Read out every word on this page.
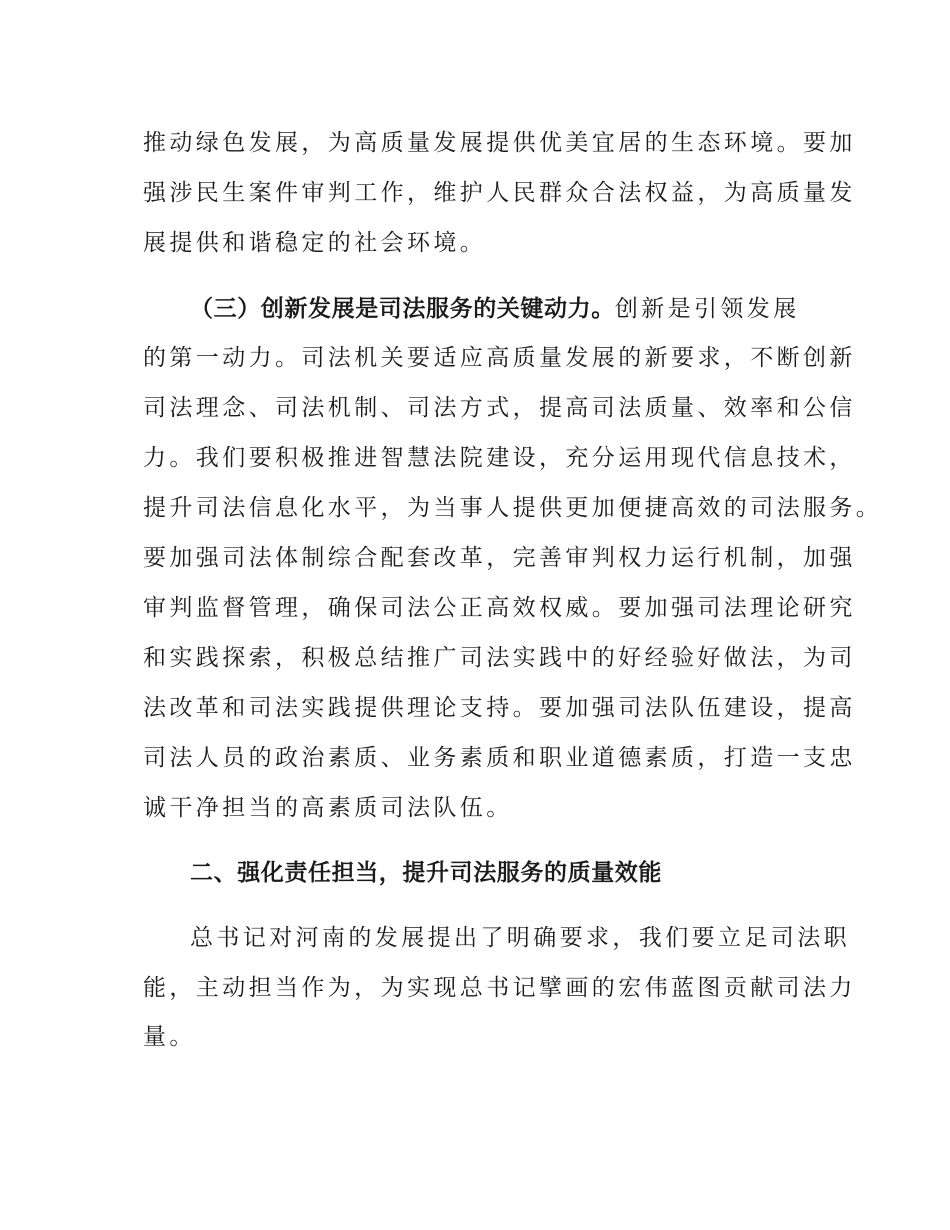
推动绿色发展，为高质量发展提供优美宜居的生态环境。要加
强涉民生案件审判工作，维护人民群众合法权益，为高质量发
展提供和谐稳定的社会环境。
（三）创新发展是司法服务的关键动力。创新是引领发展
的第一动力。司法机关要适应高质量发展的新要求，不断创新
司法理念、司法机制、司法方式，提高司法质量、效率和公信
力。我们要积极推进智慧法院建设，充分运用现代信息技术，
提升司法信息化水平，为当事人提供更加便捷高效的司法服务。
要加强司法体制综合配套改革，完善审判权力运行机制，加强
审判监督管理，确保司法公正高效权威。要加强司法理论研究
和实践探索，积极总结推广司法实践中的好经验好做法，为司
法改革和司法实践提供理论支持。要加强司法队伍建设，提高
司法人员的政治素质、业务素质和职业道德素质，打造一支忠
诚干净担当的高素质司法队伍。
二、强化责任担当，提升司法服务的质量效能
总书记对河南的发展提出了明确要求，我们要立足司法职
能，主动担当作为，为实现总书记擘画的宏伟蓝图贡献司法力
量。
